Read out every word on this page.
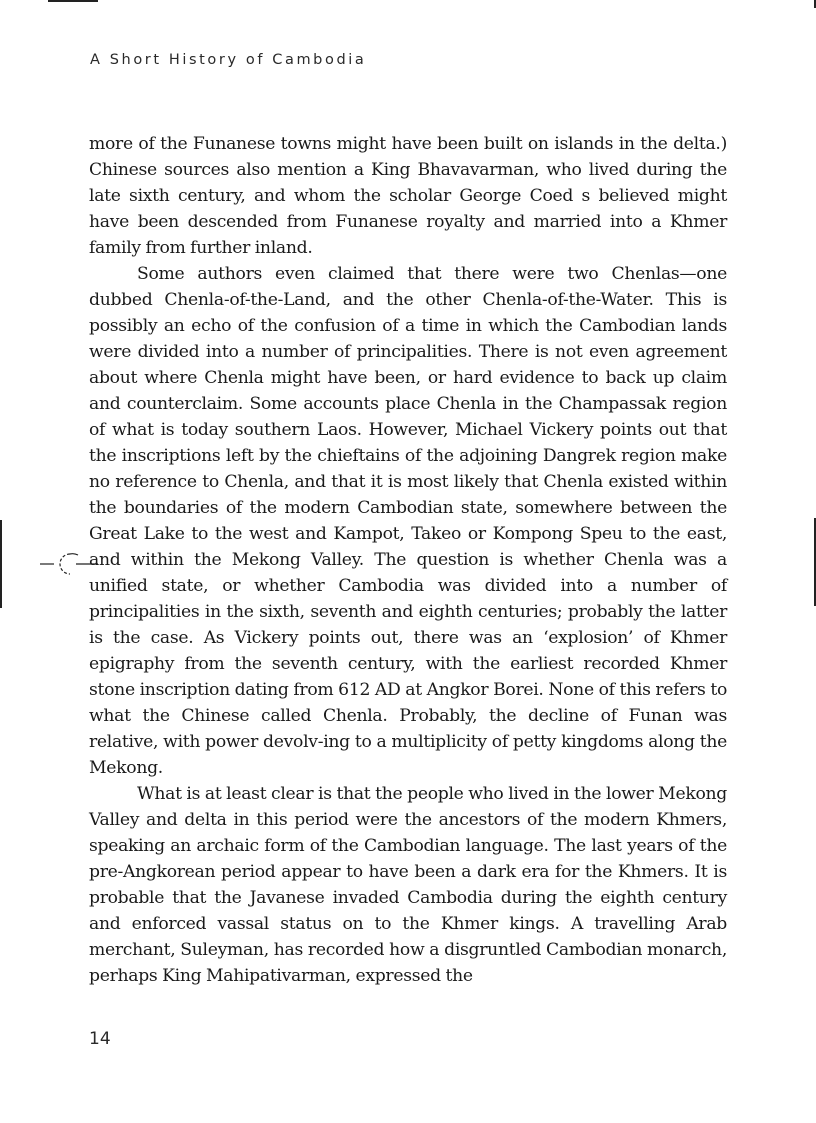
A Short History of Cambodia

more of the Funanese towns might have been built on islands in the delta.) Chinese sources also mention a King Bhavavarman, who lived during the late sixth century, and whom the scholar George Coed s believed might have been descended from Funanese royalty and married into a Khmer family from further inland.

Some authors even claimed that there were two Chenlas—one dubbed Chenla-of-the-Land, and the other Chenla-of-the-Water. This is possibly an echo of the confusion of a time in which the Cambodian lands were divided into a number of principalities. There is not even agreement about where Chenla might have been, or hard evidence to back up claim and counterclaim. Some accounts place Chenla in the Champassak region of what is today southern Laos. However, Michael Vickery points out that the inscriptions left by the chieftains of the adjoining Dangrek region make no reference to Chenla, and that it is most likely that Chenla existed within the boundaries of the modern Cambodian state, somewhere between the Great Lake to the west and Kampot, Takeo or Kompong Speu to the east, and within the Mekong Valley. The question is whether Chenla was a unified state, or whether Cambodia was divided into a number of principalities in the sixth, seventh and eighth centuries; probably the latter is the case. As Vickery points out, there was an ‘explosion’ of Khmer epigraphy from the seventh century, with the earliest recorded Khmer stone inscription dating from 612 AD at Angkor Borei. None of this refers to what the Chinese called Chenla. Probably, the decline of Funan was relative, with power devolv-ing to a multiplicity of petty kingdoms along the Mekong.

What is at least clear is that the people who lived in the lower Mekong Valley and delta in this period were the ancestors of the modern Khmers, speaking an archaic form of the Cambodian language. The last years of the pre-Angkorean period appear to have been a dark era for the Khmers. It is probable that the Javanese invaded Cambodia during the eighth century and enforced vassal status on to the Khmer kings. A travelling Arab merchant, Suleyman, has recorded how a disgruntled Cambodian monarch, perhaps King Mahipativarman, expressed the

14
